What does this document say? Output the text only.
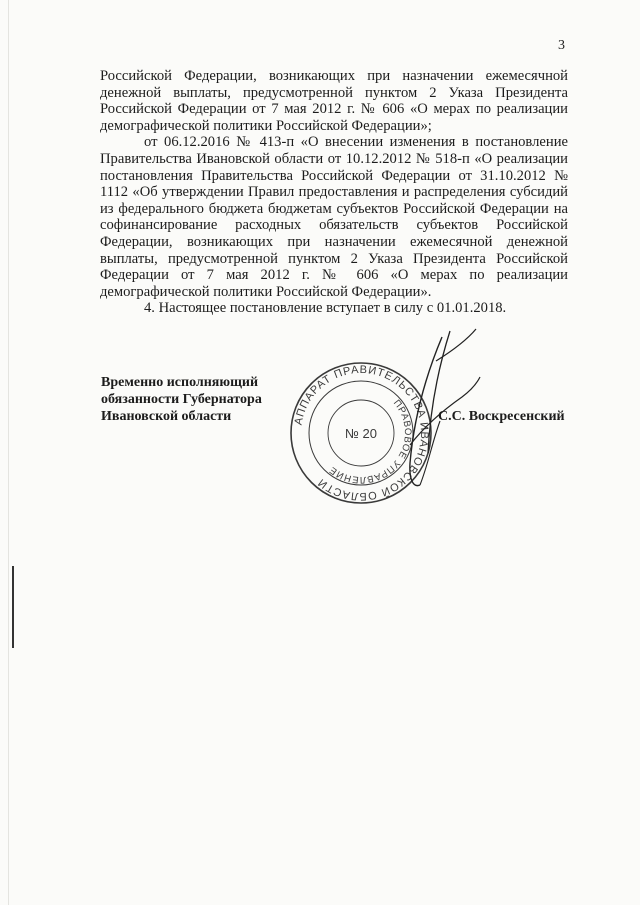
3

Российской Федерации, возникающих при назначении ежемесячной денежной выплаты, предусмотренной пунктом 2 Указа Президента Российской Федерации от 7 мая 2012 г. № 606 «О мерах по реализации демографической политики Российской Федерации»;

от 06.12.2016 № 413-п «О внесении изменения в постановление Правительства Ивановской области от 10.12.2012 № 518-п «О реализации постановления Правительства Российской Федерации от 31.10.2012 № 1112 «Об утверждении Правил предоставления и распределения субсидий из федерального бюджета бюджетам субъектов Российской Федерации на софинансирование расходных обязательств субъектов Российской Федерации, возникающих при назначении ежемесячной денежной выплаты, предусмотренной пунктом 2 Указа Президента Российской Федерации от 7 мая 2012 г. № 606 «О мерах по реализации демографической политики Российской Федерации».

4. Настоящее постановление вступает в силу с 01.01.2018.

Временно исполняющий
обязанности Губернатора
Ивановской области	АППАРАТ ПРАВИТЕЛЬСТВА ИВАНОВСКОЙ ОБЛАСТИ
ПРАВОВОЕ УПРАВЛЕНИЕ
№ 20
С.С. Воскресенский
